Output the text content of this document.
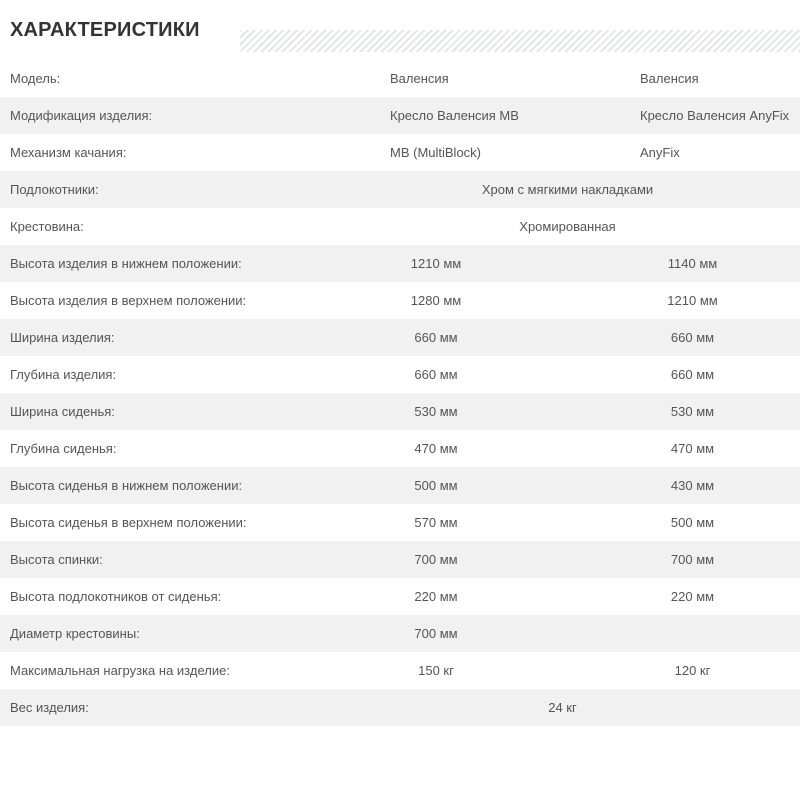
ХАРАКТЕРИСТИКИ
Модель:	Валенсия	Валенсия
Модификация изделия:	Кресло Валенсия MB	Кресло Валенсия AnyFix
Механизм качания:	MB (MultiBlock)	AnyFix
Подлокотники:	Хром с мягкими накладками	
Крестовина:	Хромированная	
Высота изделия в нижнем положении:	1210 мм	1140 мм
Высота изделия в верхнем положении:	1280 мм	1210 мм
Ширина изделия:	660 мм	660 мм
Глубина изделия:	660 мм	660 мм
Ширина сиденья:	530 мм	530 мм
Глубина сиденья:	470 мм	470 мм
Высота сиденья в нижнем положении:	500 мм	430 мм
Высота сиденья в верхнем положении:	570 мм	500 мм
Высота спинки:	700 мм	700 мм
Высота подлокотников от сиденья:	220 мм	220 мм
Диаметр крестовины:	700 мм	
Максимальная нагрузка на изделие:	150 кг	120 кг
Вес изделия:	24 кг	
